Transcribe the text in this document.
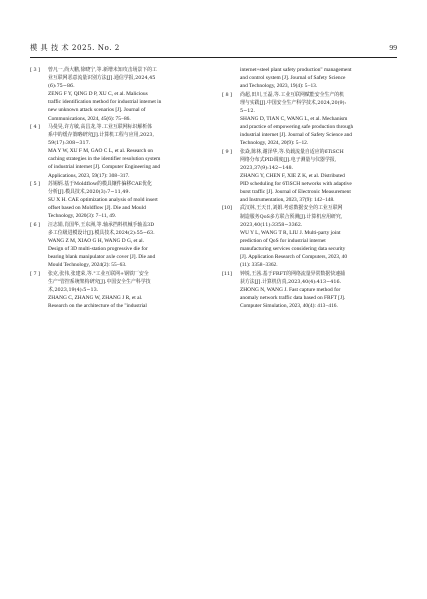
模 具 技 术 2025. No. 2	99
[ 3 ] 曾凡一,尚大鹏,徐晓宁,等.新增未知攻击场景下的工
业互联网恶意流量识别方法[J].通信学报,2024,45
(6):75−86.
ZENG F Y, QING D P, XU C, et al. Malicious
traffic identification method for industrial internet in
new unknown attack scenarios [J]. Journal of
Communications, 2024, 45(6): 75−86.
[ 4 ] 马曼昊,许方敏,高昌龙,等.工业互联网标识解析体
系中的缓存策略研究[J].计算机工程与应用,2023,
59(17):308−317.
MA Y W, XU F M, GAO C L, et al. Research on
caching strategies in the identifier resolution system
of industrial internet [J]. Computer Engineering and
Applications, 2023, 59(17): 308−317.
[ 5 ] 苏锡炳.基于Moldflow的模具镶件偏移CAE优化
分析[J].模具技术,2020(3):7−11,49.
SU X H. CAE optimization analysis of mold insert
offset based on Moldflow [J]. Die and Mould
Technology, 2020(3): 7−11, 49.
[ 6 ] 汪志娟,肖国华,王东洲,等.轴承挡料机械手轴盖3D
多工位级进模设计[J].模具技术,2024(2):55−63.
WANG Z M, XIAO G H, WANG D G, et al.
Design of 3D multi-station progressive die for
bearing blank manipulator axle cover [J]. Die and
Mould Technology, 2024(2): 55−63.
[ 7 ] 张克,张伟,张建荣,等."工业互联网+钢铁厂安全
生产"管控系统架构研究[J].中国安全生产科学技
术,2023,19(4):5−13.
ZHANG C, ZHANG W, ZHANG J R, et al.
Research on the architecture of the "industrial
internet+steel plant safety production" management
and control system [J]. Journal of Safety Science
and Technology, 2023, 19(4): 5−13.
[ 8 ] 尚超,田川,王磊,等.工业互联网赋能安全生产的机
理与实践[J].中国安全生产科学技术,2024,20(9):
5−12.
SHANG D, TIAN C, WANG L, et al. Mechanism
and practice of empowering safe production through
industrial internet [J]. Journal of Safety Science and
Technology, 2024, 20(9): 5−12.
[ 9 ] 张焱,陈林,谢泽华,等.负载流量自适应的6TiSCH
网络分布式PID调度[J].电子测量与仪器学报,
2023,37(9):142−148.
ZHANG Y, CHEN F, XIE Z K, et al. Distributed
PID scheduling for 6TiSCH networks with adaptive
burst traffic [J]. Journal of Electronic Measurement
and Instrumentation, 2023, 37(9): 142−148.
[10] 武汉林,王天日,刘娟.考虑数据安全的工业互联网
制造服务QoS多方联合预测[J].计算机应用研究,
2023,40(11):3358−3362.
WU Y L, WANG T R, LIU J. Multi-party joint
prediction of QoS for industrial internet
manufacturing services considering data security
[J]. Application Research of Computers, 2023, 40
(11): 3358−3362.
[11] 钟锐,王茜.基于FRFT的网络流量异常数据快速捕
获方法[J].计算机仿真,2023,40(4):413−416.
ZHONG N, WANG J. Fast capture method for
anomaly network traffic data based on FRFT [J].
Computer Simulation, 2023, 40(4): 413−416.
